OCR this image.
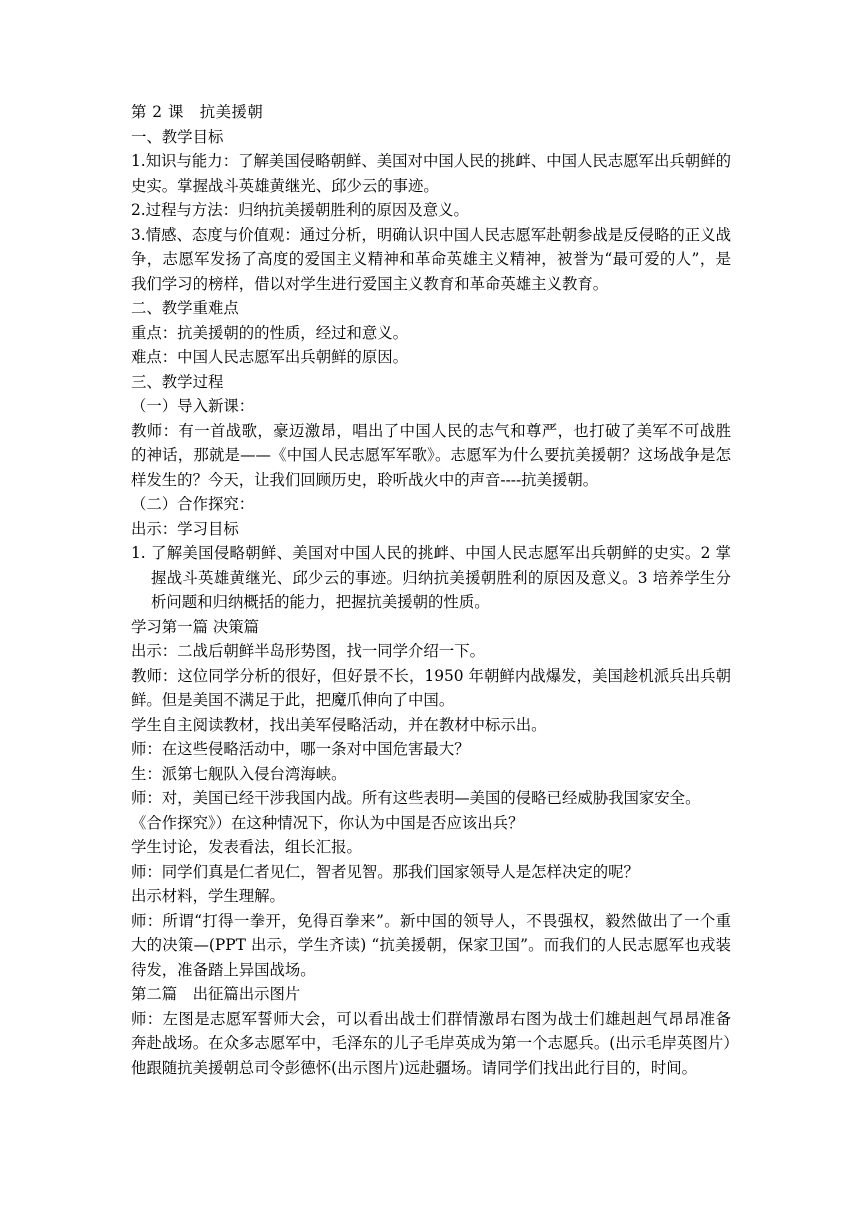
第 2 课　抗美援朝
一、教学目标
1.知识与能力：了解美国侵略朝鲜、美国对中国人民的挑衅、中国人民志愿军出兵朝鲜的史实。掌握战斗英雄黄继光、邱少云的事迹。
2.过程与方法：归纳抗美援朝胜利的原因及意义。
3.情感、态度与价值观：通过分析，明确认识中国人民志愿军赴朝参战是反侵略的正义战争，志愿军发扬了高度的爱国主义精神和革命英雄主义精神，被誉为“最可爱的人”，是我们学习的榜样，借以对学生进行爱国主义教育和革命英雄主义教育。
二、教学重难点
重点：抗美援朝的的性质，经过和意义。
难点：中国人民志愿军出兵朝鲜的原因。
三、教学过程
（一）导入新课：
教师：有一首战歌，豪迈激昂，唱出了中国人民的志气和尊严，也打破了美军不可战胜的神话，那就是——《中国人民志愿军军歌》。志愿军为什么要抗美援朝？这场战争是怎样发生的？今天，让我们回顾历史，聆听战火中的声音----抗美援朝。
（二）合作探究：
出示：学习目标
1. 了解美国侵略朝鲜、美国对中国人民的挑衅、中国人民志愿军出兵朝鲜的史实。2 掌握战斗英雄黄继光、邱少云的事迹。归纳抗美援朝胜利的原因及意义。3 培养学生分析问题和归纳概括的能力，把握抗美援朝的性质。
学习第一篇 决策篇
出示：二战后朝鲜半岛形势图，找一同学介绍一下。
教师：这位同学分析的很好，但好景不长，1950 年朝鲜内战爆发，美国趁机派兵出兵朝鲜。但是美国不满足于此，把魔爪伸向了中国。
学生自主阅读教材，找出美军侵略活动，并在教材中标示出。
师：在这些侵略活动中，哪一条对中国危害最大？
生：派第七舰队入侵台湾海峡。
师：对，美国已经干涉我国内战。所有这些表明—美国的侵略已经威胁我国家安全。
《合作探究》）在这种情况下，你认为中国是否应该出兵？
学生讨论，发表看法，组长汇报。
师：同学们真是仁者见仁，智者见智。那我们国家领导人是怎样决定的呢？
出示材料，学生理解。
师：所谓“打得一拳开，免得百拳来”。新中国的领导人，不畏强权，毅然做出了一个重大的决策—(PPT 出示，学生齐读) “抗美援朝，保家卫国”。而我们的人民志愿军也戎装待发，准备踏上异国战场。
第二篇　出征篇出示图片
师：左图是志愿军誓师大会，可以看出战士们群情激昂右图为战士们雄赳赳气昂昂准备奔赴战场。在众多志愿军中，毛泽东的儿子毛岸英成为第一个志愿兵。(出示毛岸英图片）他跟随抗美援朝总司令彭德怀(出示图片)远赴疆场。请同学们找出此行目的，时间。
